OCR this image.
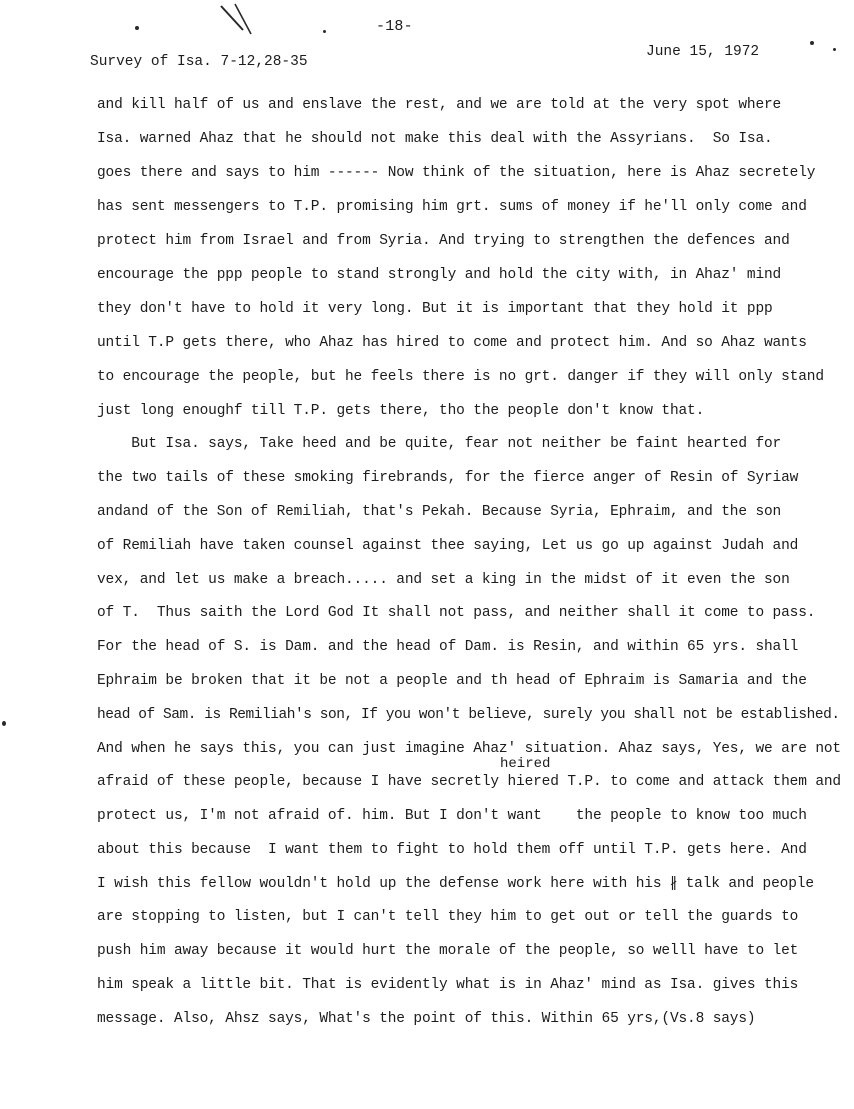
-18-
Survey of Isa. 7-12,28-35
June 15, 1972
and kill half of us and enslave the rest, and we are told at the very spot where
Isa. warned Ahaz that he should not make this deal with the Assyrians.  So Isa.
goes there and says to him ------ Now think of the situation, here is Ahaz secretely
has sent messengers to T.P. promising him grt. sums of money if he'll only come and
protect him from Israel and from Syria. And trying to strengthen the defences and
encourage the ppp people to stand strongly and hold the city with, in Ahaz' mind
they don't have to hold it very long. But it is important that they hold it ppp
until T.P gets there, who Ahaz has hired to come and protect him. And so Ahaz wants
to encourage the people, but he feels there is no grt. danger if they will only stand
just long enoughf till T.P. gets there, tho the people don't know that.
But Isa. says, Take heed and be quite, fear not neither be faint hearted for
the two tails of these smoking firebrands, for the fierce anger of Resin of Syriaw
andand of the Son of Remiliah, that's Pekah. Because Syria, Ephraim, and the son
of Remiliah have taken counsel against thee saying, Let us go up against Judah and
vex, and let us make a breach..... and set a king in the midst of it even the son
of T.  Thus saith the Lord God It shall not pass, and neither shall it come to pass.
For the head of S. is Dam. and the head of Dam. is Resin, and within 65 yrs. shall
Ephraim be broken that it be not a people and th head of Ephraim is Samaria and the
head of Sam. is Remiliah's son, If you won't believe, surely you shall not be established.
And when he says this, you can just imagine Ahaz' situation. Ahaz says, Yes, we are not
heired
afraid of these people, because I have secretly hiered T.P. to come and attack them and
protect us, I'm not afraid of. him. But I don't want    the people to know too much
about this because  I want them to fight to hold them off until T.P. gets here. And
I wish this fellow wouldn't hold up the defense work here with his ∦ talk and people
are stopping to listen, but I can't tell they him to get out or tell the guards to
push him away because it would hurt the morale of the people, so welll have to let
him speak a little bit. That is evidently what is in Ahaz' mind as Isa. gives this
message. Also, Ahsz says, What's the point of this. Within 65 yrs,(Vs.8 says)
